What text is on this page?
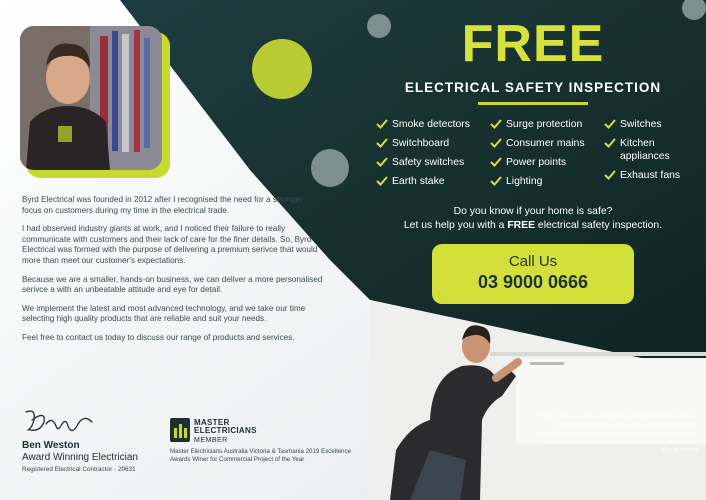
Byrd Electrical was founded in 2012 after I recognised the need for a stronger focus on customers during my time in the electrical trade.

I had observed industry giants at work, and I noticed their failure to really communicate with customers and their lack of care for the finer details. So, Byrd Electrical was formed with the purpose of delivering a premium serivce that would more than meet our customer's expectations.

Because we are a smaller, hands-on business, we can deliver a more personalised serivce a with an unbeatable attitude and eye for detail.

We implement the latest and most advanced technology, and we take our time selecting high quality products that are reliable and suit your needs.

Feel free to contact us today to discuss our range of products and services.

Ben Weston
Award Winning Electrician
Registered Electrical Contractor - 20631
MASTER
ELECTRICIANS
MEMBER
Master Electricians Australia Victoria & Tasmania 2019 Excellence Awards Winer for Commercial Project of the Year
FREE
ELECTRICAL SAFETY INSPECTION
Smoke detectors
Switchboard
Safety switches
Earth stake
Surge protection
Consumer mains
Power points
Lighting
Switches
Kitchen appliances
Exhaust fans
Do you know if your home is safe?
Let us help you with a FREE electrical safety inspection.
Call Us
03 9000 0666
* T&C's If we are onsite, conducting paid work between 7am and 4pm Monday to Friday, you can take advantage of a Free Electrical safetyu inspection. Just mention this service when you make your booking, so we can allow time for this additional, no charge service
